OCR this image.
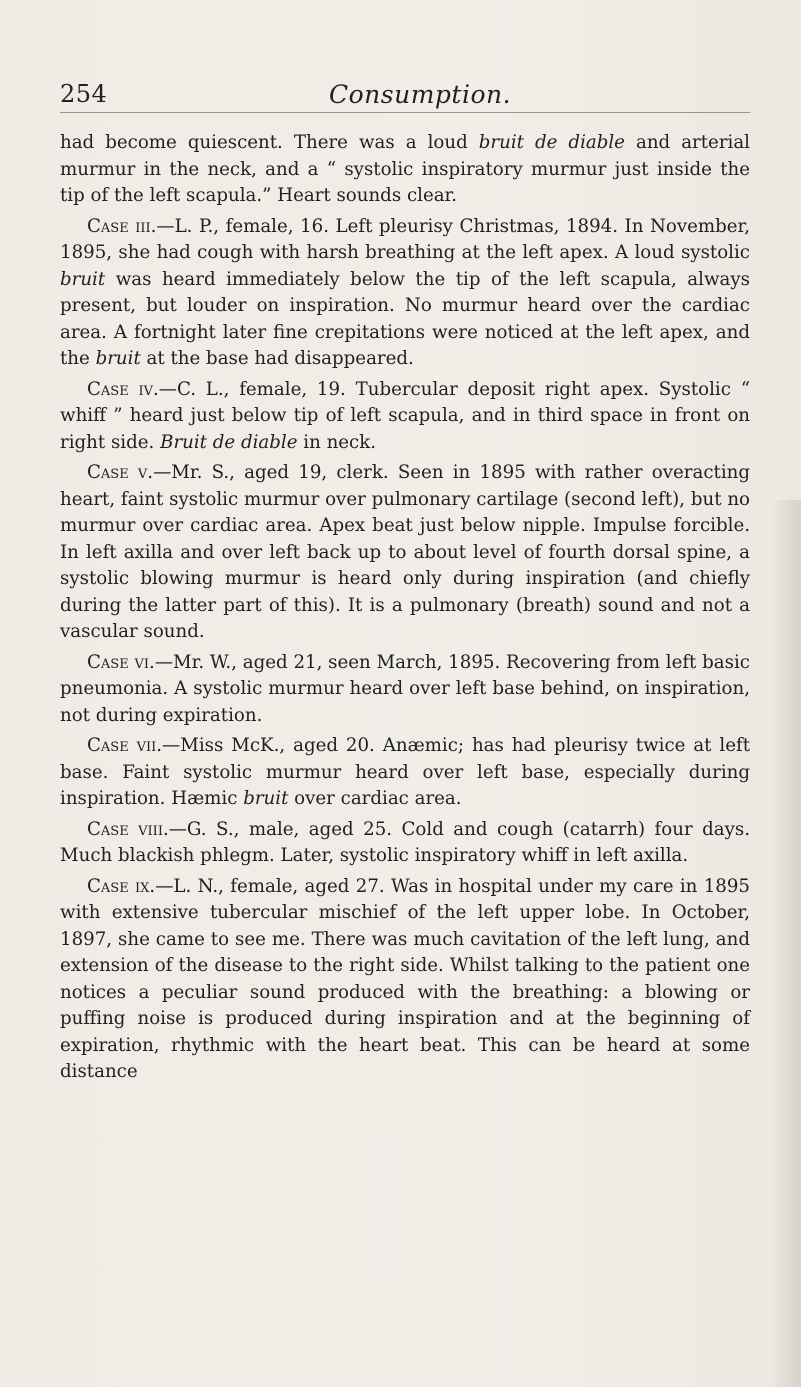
254	Consumption.

had become quiescent. There was a loud bruit de diable and arterial murmur in the neck, and a “ systolic inspiratory murmur just inside the tip of the left scapula.” Heart sounds clear.

Case iii.—L. P., female, 16. Left pleurisy Christmas, 1894. In November, 1895, she had cough with harsh breathing at the left apex. A loud systolic bruit was heard immediately below the tip of the left scapula, always present, but louder on inspiration. No murmur heard over the cardiac area. A fortnight later fine crepitations were noticed at the left apex, and the bruit at the base had disappeared.

Case iv.—C. L., female, 19. Tubercular deposit right apex. Systolic “ whiff ” heard just below tip of left scapula, and in third space in front on right side. Bruit de diable in neck.

Case v.—Mr. S., aged 19, clerk. Seen in 1895 with rather overacting heart, faint systolic murmur over pulmonary cartilage (second left), but no murmur over cardiac area. Apex beat just below nipple. Impulse forcible. In left axilla and over left back up to about level of fourth dorsal spine, a systolic blowing murmur is heard only during inspiration (and chiefly during the latter part of this). It is a pulmonary (breath) sound and not a vascular sound.

Case vi.—Mr. W., aged 21, seen March, 1895. Recovering from left basic pneumonia. A systolic murmur heard over left base behind, on inspiration, not during expiration.

Case vii.—Miss McK., aged 20. Anæmic; has had pleurisy twice at left base. Faint systolic murmur heard over left base, especially during inspiration. Hæmic bruit over cardiac area.

Case viii.—G. S., male, aged 25. Cold and cough (catarrh) four days. Much blackish phlegm. Later, systolic inspiratory whiff in left axilla.

Case ix.—L. N., female, aged 27. Was in hospital under my care in 1895 with extensive tubercular mischief of the left upper lobe. In October, 1897, she came to see me. There was much cavitation of the left lung, and extension of the disease to the right side. Whilst talking to the patient one notices a peculiar sound produced with the breathing: a blowing or puffing noise is produced during inspiration and at the beginning of expiration, rhythmic with the heart beat. This can be heard at some distance
